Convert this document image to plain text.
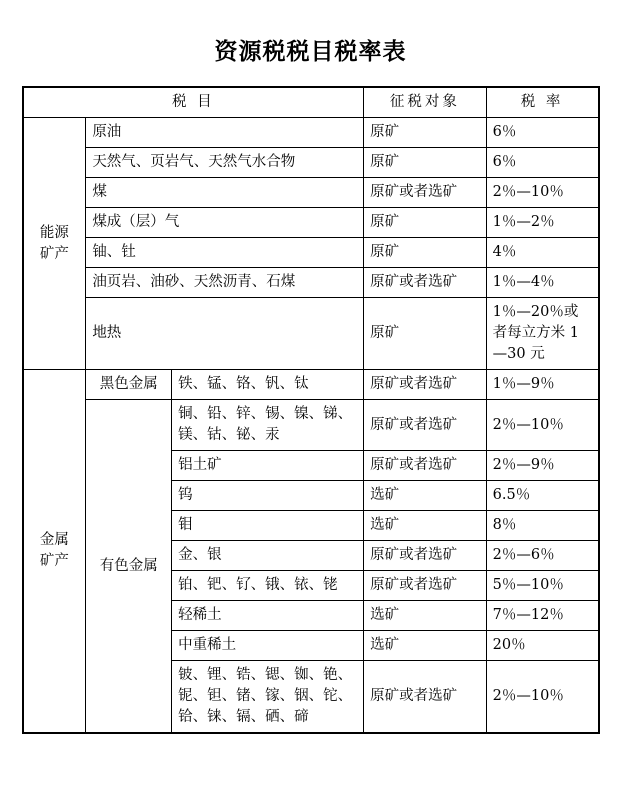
资源税税目税率表
税 目			征税对象	税 率

能源
矿产	原油		原矿	6％
	天然气、页岩气、天然气水合物		原矿	6％
	煤		原矿或者选矿	2％—10％
	煤成（层）气		原矿	1％—2％
	铀、钍		原矿	4％
	油页岩、油砂、天然沥青、石煤		原矿或者选矿	1％—4％
	地热		原矿	1％—20％或者每立方米 1—30 元

金属
矿产	黑色金属	铁、锰、铬、钒、钛	原矿或者选矿	1％—9％
	有色金属	铜、铅、锌、锡、镍、锑、镁、钴、铋、汞	原矿或者选矿	2％—10％
		铝土矿	原矿或者选矿	2％—9％
		钨	选矿	6.5％
		钼	选矿	8％
		金、银	原矿或者选矿	2％—6％
		铂、钯、钌、锇、铱、铑	原矿或者选矿	5％—10％
		轻稀土	选矿	7％—12％
		中重稀土	选矿	20％
		铍、锂、锆、锶、铷、铯、铌、钽、锗、镓、铟、铊、铪、铼、镉、硒、碲	原矿或者选矿	2％—10％
